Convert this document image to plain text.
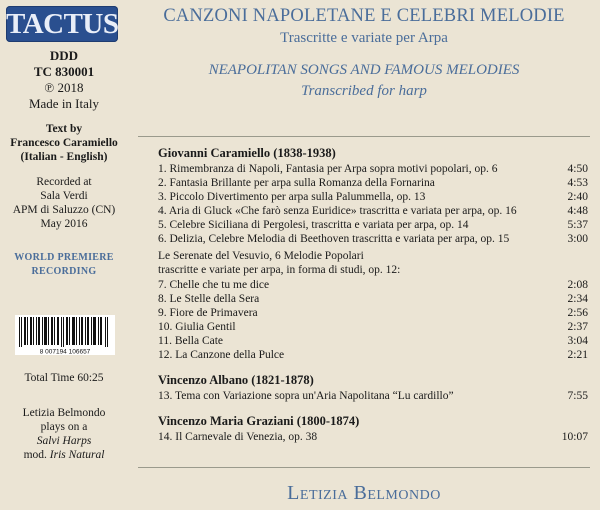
TACTUS
DDD
TC 830001
℗ 2018
Made in Italy
Text by
Francesco Caramiello
(Italian - English)
Recorded at
Sala Verdi
APM di Saluzzo (CN)
May 2016
WORLD PREMIERE
RECORDING
8 007194 106657
Total Time 60:25
Letizia Belmondo
plays on a
Salvi Harps
mod. Iris Natural
CANZONI NAPOLETANE E CELEBRI MELODIE
Trascritte e variate per Arpa
NEAPOLITAN SONGS AND FAMOUS MELODIES
Transcribed for harp
Giovanni Caramiello (1838-1938)
1. Rimembranza di Napoli, Fantasia per Arpa sopra motivi popolari, op. 6	4:50
2. Fantasia Brillante per arpa sulla Romanza della Fornarina	4:53
3. Piccolo Divertimento per arpa sulla Palummella, op. 13	2:40
4. Aria di Gluck «Che farò senza Euridice» trascritta e variata per arpa, op. 16	4:48
5. Celebre Siciliana di Pergolesi, trascritta e variata per arpa, op. 14	5:37
6. Delizia, Celebre Melodia di Beethoven trascritta e variata per arpa, op. 15	3:00
Le Serenate del Vesuvio, 6 Melodie Popolari
trascritte e variate per arpa, in forma di studi, op. 12:
7. Chelle che tu me dice	2:08
8. Le Stelle della Sera	2:34
9. Fiore de Primavera	2:56
10. Giulia Gentil	2:37
11. Bella Cate	3:04
12. La Canzone della Pulce	2:21
Vincenzo Albano (1821-1878)
13. Tema con Variazione sopra un'Aria Napolitana “Lu cardillo”	7:55
Vincenzo Maria Graziani (1800-1874)
14. Il Carnevale di Venezia, op. 38	10:07
Letizia Belmondo
